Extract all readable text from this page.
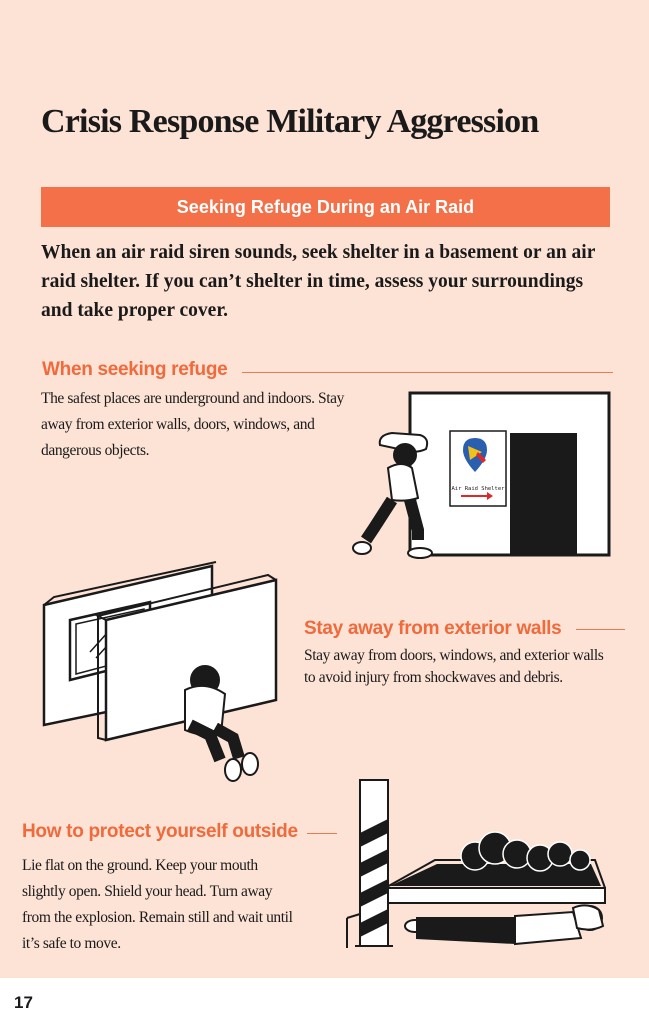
Crisis Response Military Aggression
Seeking Refuge During an Air Raid
When an air raid siren sounds, seek shelter in a basement or an air raid shelter. If you can’t shelter in time, assess your surroundings and take proper cover.
When seeking refuge
The safest places are underground and indoors. Stay away from exterior walls, doors, windows, and dangerous objects.
Air Raid Shelter
Stay away from exterior walls
Stay away from doors, windows, and exterior walls to avoid injury from shockwaves and debris.
How to protect yourself outside
Lie flat on the ground. Keep your mouth slightly open. Shield your head. Turn away from the explosion. Remain still and wait until it’s safe to move.
17
